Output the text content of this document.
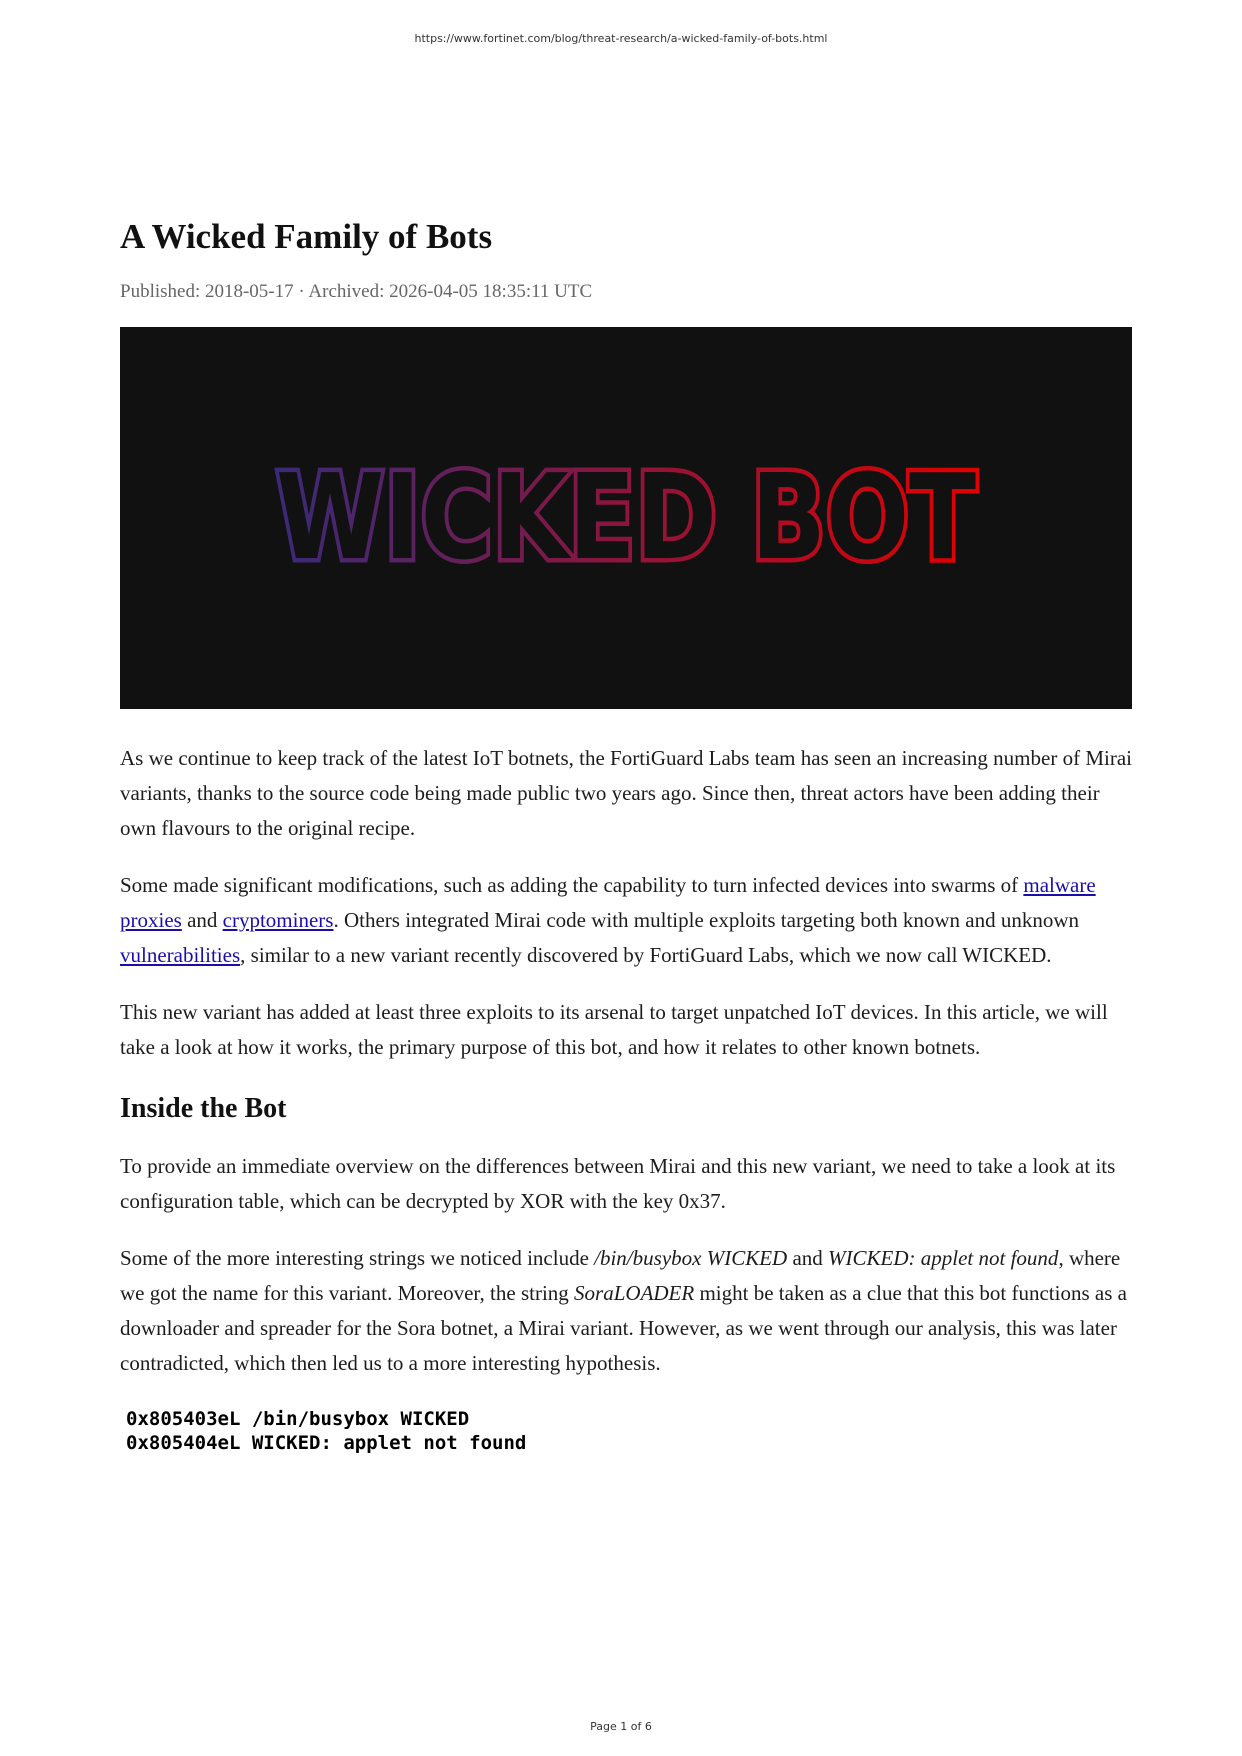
https://www.fortinet.com/blog/threat-research/a-wicked-family-of-bots.html
A Wicked Family of Bots
Published: 2018-05-17 · Archived: 2026-04-05 18:35:11 UTC
WICKED BOT
WICKED BOT

As we continue to keep track of the latest IoT botnets, the FortiGuard Labs team has seen an increasing number of Mirai variants, thanks to the source code being made public two years ago. Since then, threat actors have been adding their own flavours to the original recipe.

Some made significant modifications, such as adding the capability to turn infected devices into swarms of malware proxies and cryptominers. Others integrated Mirai code with multiple exploits targeting both known and unknown vulnerabilities, similar to a new variant recently discovered by FortiGuard Labs, which we now call WICKED.

This new variant has added at least three exploits to its arsenal to target unpatched IoT devices. In this article, we will take a look at how it works, the primary purpose of this bot, and how it relates to other known botnets.

Inside the Bot

To provide an immediate overview on the differences between Mirai and this new variant, we need to take a look at its configuration table, which can be decrypted by XOR with the key 0x37.

Some of the more interesting strings we noticed include /bin/busybox WICKED and WICKED: applet not found, where we got the name for this variant. Moreover, the string SoraLOADER might be taken as a clue that this bot functions as a downloader and spreader for the Sora botnet, a Mirai variant. However, as we went through our analysis, this was later contradicted, which then led us to a more interesting hypothesis.

0x805403eL /bin/busybox WICKED
0x805404eL WICKED: applet not found
Page 1 of 6
